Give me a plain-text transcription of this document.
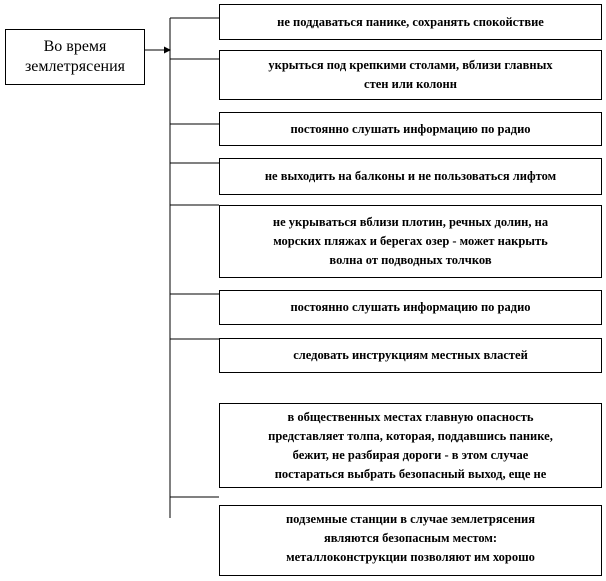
Во время
землетрясения
не поддаваться панике, сохранять спокойствие
укрыться под крепкими столами, вблизи главных
стен или колонн
постоянно слушать информацию по радио
не выходить на балконы и не пользоваться лифтом
не укрываться вблизи плотин, речных долин, на
морских пляжах и берегах озер - может накрыть
волна от подводных толчков
постоянно слушать информацию по радио
следовать инструкциям местных властей
в общественных местах главную опасность
представляет толпа, которая, поддавшись панике,
бежит, не разбирая дороги - в этом случае
постараться выбрать безопасный выход, еще не
подземные станции в случае землетрясения
являются безопасным местом:
металлоконструкции позволяют им хорошо
